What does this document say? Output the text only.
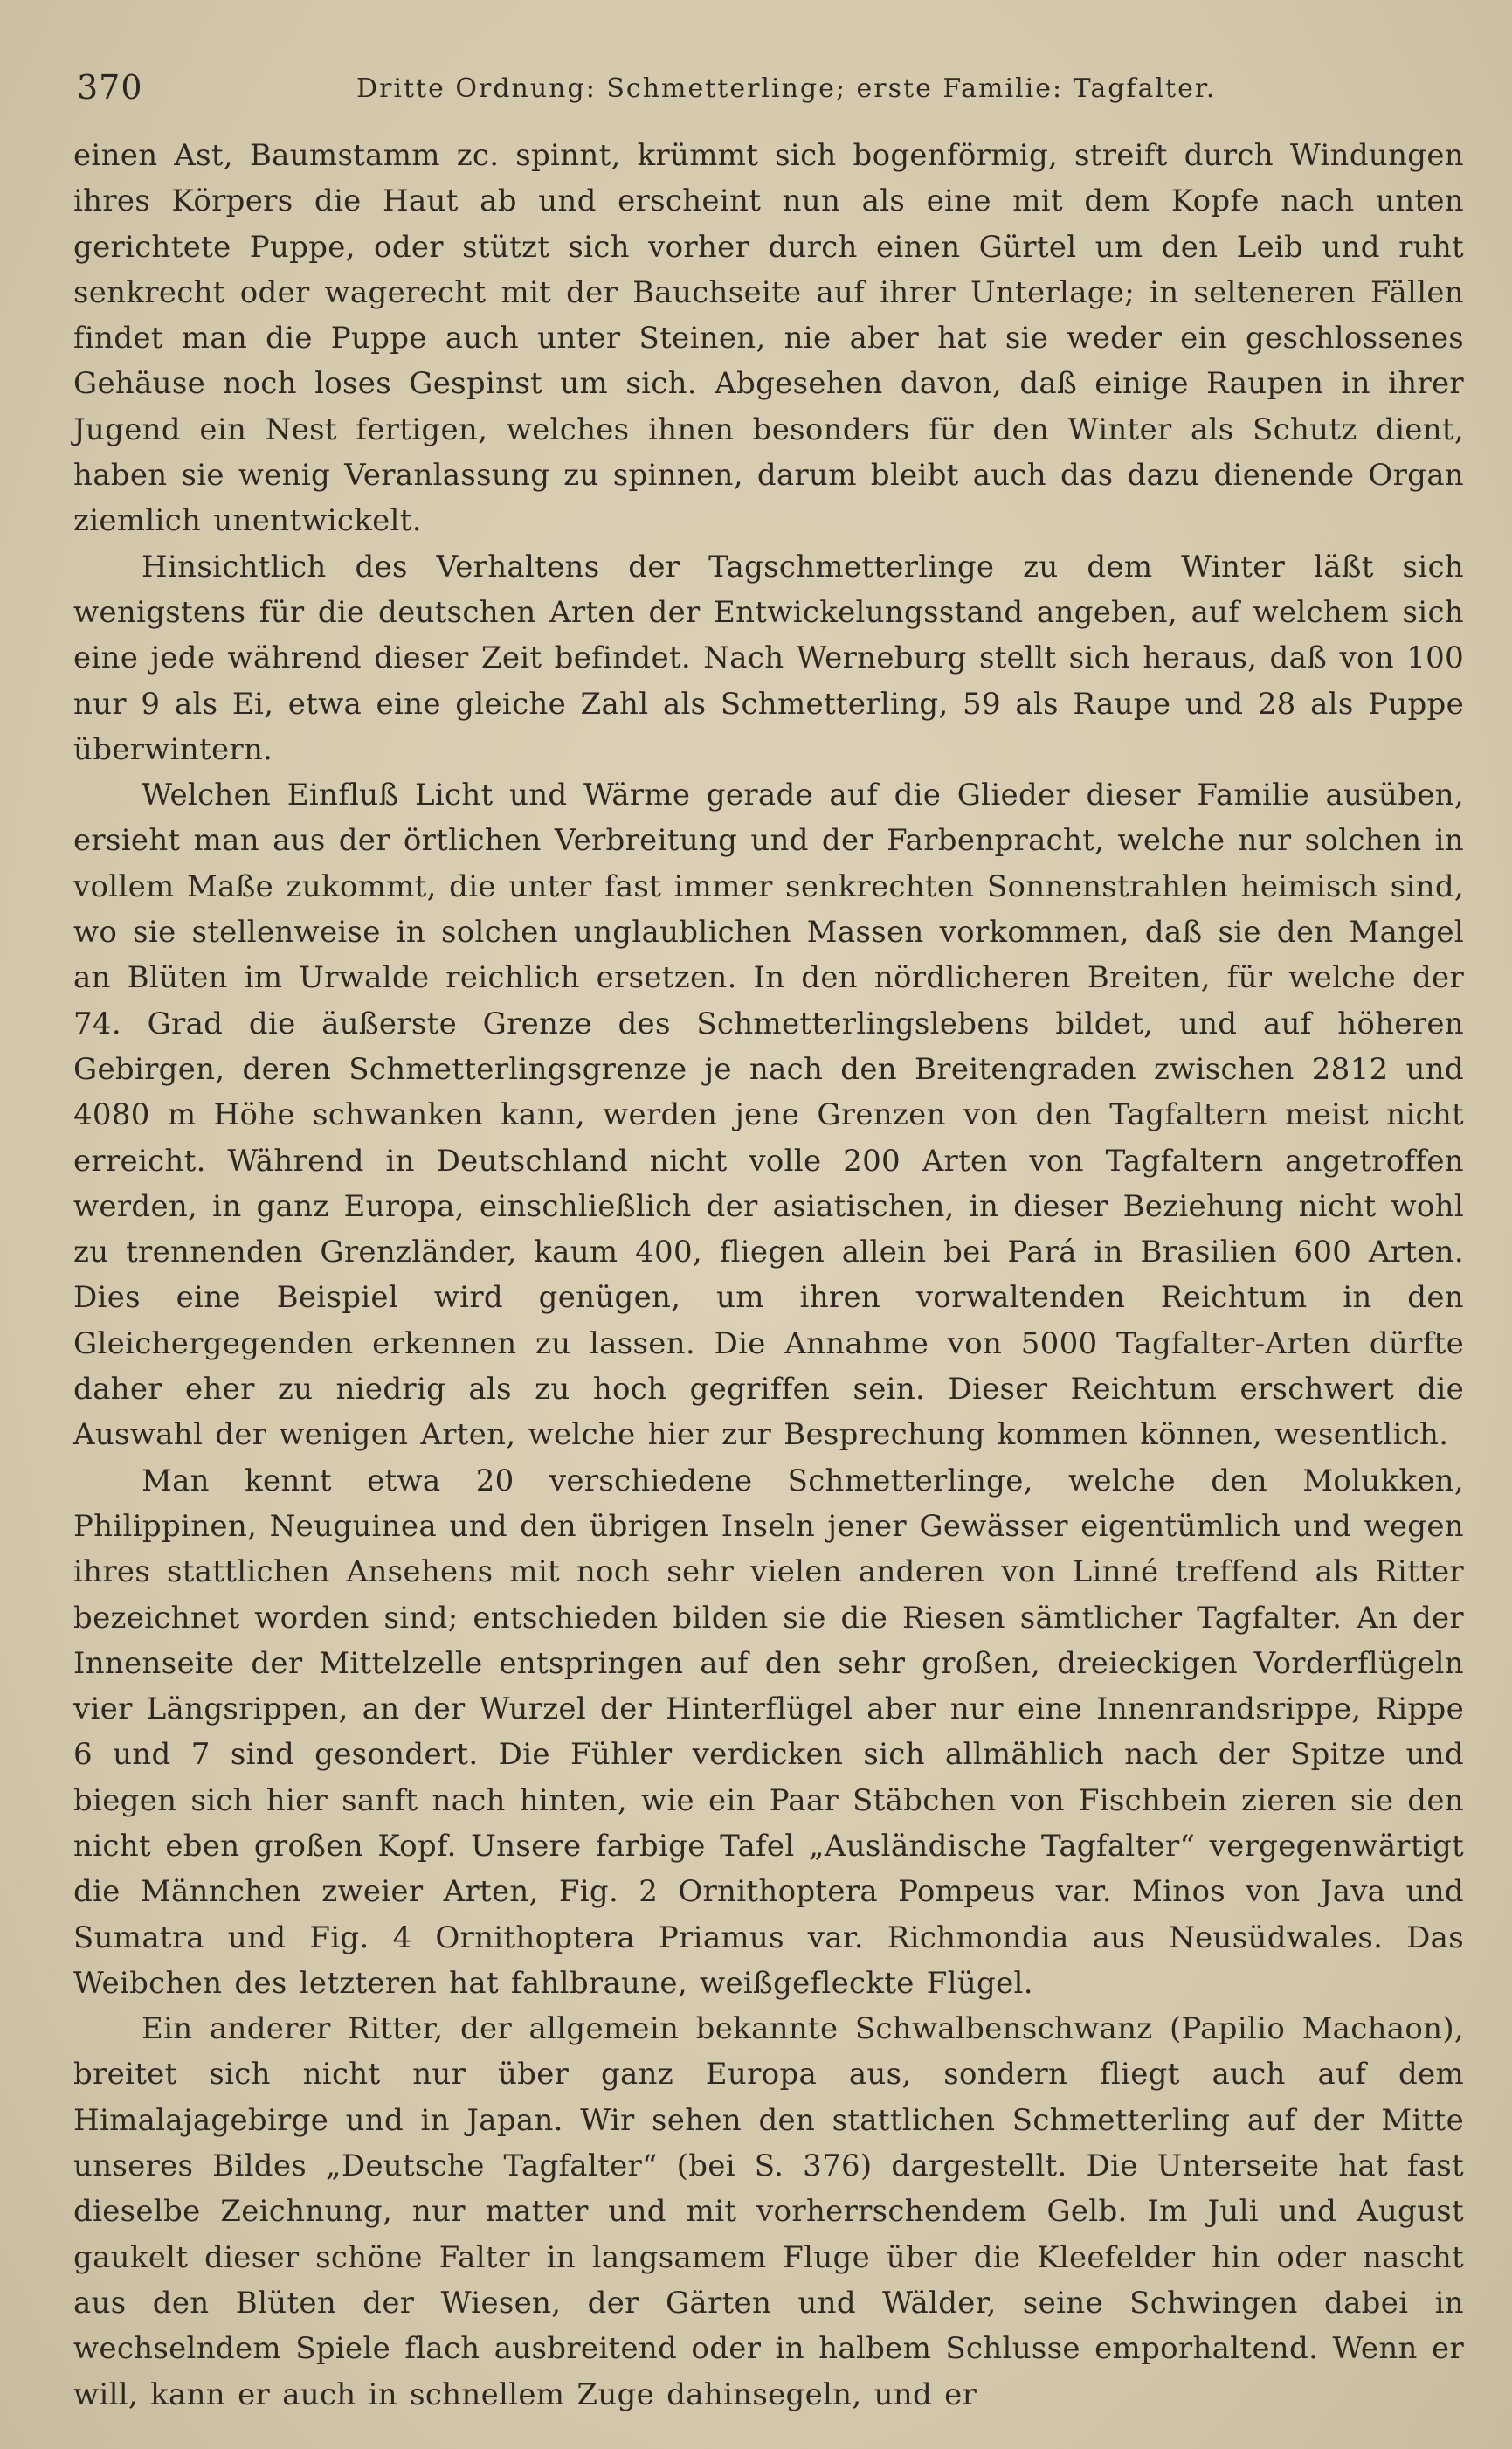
370	Dritte Ordnung: Schmetterlinge; erste Familie: Tagfalter.

einen Ast, Baumstamm zc. spinnt, krümmt sich bogenförmig, streift durch Windungen ihres Körpers die Haut ab und erscheint nun als eine mit dem Kopfe nach unten gerichtete Puppe, oder stützt sich vorher durch einen Gürtel um den Leib und ruht senkrecht oder wagerecht mit der Bauchseite auf ihrer Unterlage; in selteneren Fällen findet man die Puppe auch unter Steinen, nie aber hat sie weder ein geschlossenes Gehäuse noch loses Gespinst um sich. Abgesehen davon, daß einige Raupen in ihrer Jugend ein Nest fertigen, welches ihnen besonders für den Winter als Schutz dient, haben sie wenig Veranlassung zu spinnen, darum bleibt auch das dazu dienende Organ ziemlich unentwickelt.

Hinsichtlich des Verhaltens der Tagschmetterlinge zu dem Winter läßt sich wenigstens für die deutschen Arten der Entwickelungsstand angeben, auf welchem sich eine jede während dieser Zeit befindet. Nach Werneburg stellt sich heraus, daß von 100 nur 9 als Ei, etwa eine gleiche Zahl als Schmetterling, 59 als Raupe und 28 als Puppe überwintern.

Welchen Einfluß Licht und Wärme gerade auf die Glieder dieser Familie ausüben, ersieht man aus der örtlichen Verbreitung und der Farbenpracht, welche nur solchen in vollem Maße zukommt, die unter fast immer senkrechten Sonnenstrahlen heimisch sind, wo sie stellenweise in solchen unglaublichen Massen vorkommen, daß sie den Mangel an Blüten im Urwalde reichlich ersetzen. In den nördlicheren Breiten, für welche der 74. Grad die äußerste Grenze des Schmetterlingslebens bildet, und auf höheren Gebirgen, deren Schmetterlingsgrenze je nach den Breitengraden zwischen 2812 und 4080 m Höhe schwanken kann, werden jene Grenzen von den Tagfaltern meist nicht erreicht. Während in Deutschland nicht volle 200 Arten von Tagfaltern angetroffen werden, in ganz Europa, einschließlich der asiatischen, in dieser Beziehung nicht wohl zu trennenden Grenzländer, kaum 400, fliegen allein bei Pará in Brasilien 600 Arten. Dies eine Beispiel wird genügen, um ihren vorwaltenden Reichtum in den Gleichergegenden erkennen zu lassen. Die Annahme von 5000 Tagfalter-Arten dürfte daher eher zu niedrig als zu hoch gegriffen sein. Dieser Reichtum erschwert die Auswahl der wenigen Arten, welche hier zur Besprechung kommen können, wesentlich.

Man kennt etwa 20 verschiedene Schmetterlinge, welche den Molukken, Philippinen, Neuguinea und den übrigen Inseln jener Gewässer eigentümlich und wegen ihres stattlichen Ansehens mit noch sehr vielen anderen von Linné treffend als Ritter bezeichnet worden sind; entschieden bilden sie die Riesen sämtlicher Tagfalter. An der Innenseite der Mittelzelle entspringen auf den sehr großen, dreieckigen Vorderflügeln vier Längsrippen, an der Wurzel der Hinterflügel aber nur eine Innenrandsrippe, Rippe 6 und 7 sind gesondert. Die Fühler verdicken sich allmählich nach der Spitze und biegen sich hier sanft nach hinten, wie ein Paar Stäbchen von Fischbein zieren sie den nicht eben großen Kopf. Unsere farbige Tafel „Ausländische Tagfalter“ vergegenwärtigt die Männchen zweier Arten, Fig. 2 Ornithoptera Pompeus var. Minos von Java und Sumatra und Fig. 4 Ornithoptera Priamus var. Richmondia aus Neusüdwales. Das Weibchen des letzteren hat fahlbraune, weißgefleckte Flügel.

Ein anderer Ritter, der allgemein bekannte Schwalbenschwanz (Papilio Machaon), breitet sich nicht nur über ganz Europa aus, sondern fliegt auch auf dem Himalajagebirge und in Japan. Wir sehen den stattlichen Schmetterling auf der Mitte unseres Bildes „Deutsche Tagfalter“ (bei S. 376) dargestellt. Die Unterseite hat fast dieselbe Zeichnung, nur matter und mit vorherrschendem Gelb. Im Juli und August gaukelt dieser schöne Falter in langsamem Fluge über die Kleefelder hin oder nascht aus den Blüten der Wiesen, der Gärten und Wälder, seine Schwingen dabei in wechselndem Spiele flach ausbreitend oder in halbem Schlusse emporhaltend. Wenn er will, kann er auch in schnellem Zuge dahinsegeln, und er
